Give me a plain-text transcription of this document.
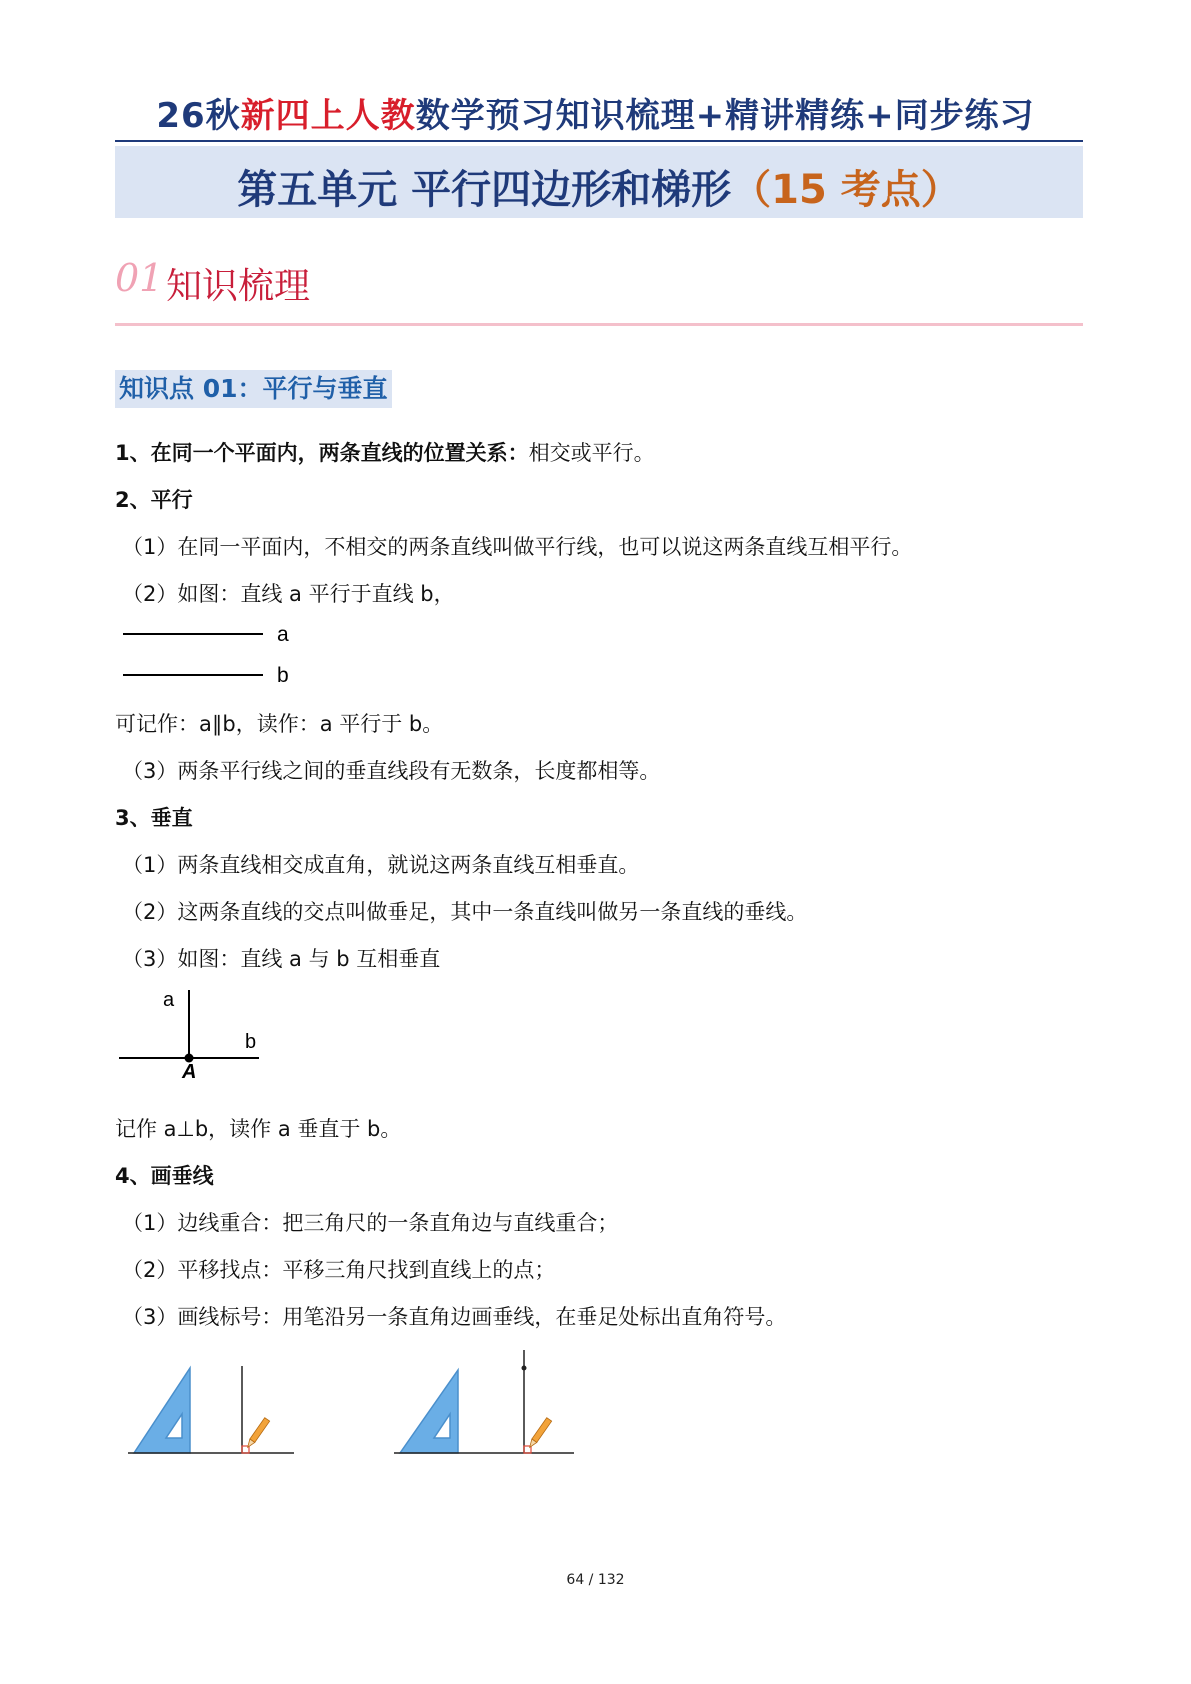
26秋新四上人教数学预习知识梳理+精讲精练+同步练习
第五单元 平行四边形和梯形（15 考点）
01 知识梳理
知识点 01：平行与垂直
1、在同一个平面内，两条直线的位置关系：相交或平行。
2、平行
（1）在同一平面内，不相交的两条直线叫做平行线，也可以说这两条直线互相平行。
（2）如图：直线 a 平行于直线 b，
a
b
可记作：a∥b，读作：a 平行于 b。
（3）两条平行线之间的垂直线段有无数条，长度都相等。
3、垂直
（1）两条直线相交成直角，就说这两条直线互相垂直。
（2）这两条直线的交点叫做垂足，其中一条直线叫做另一条直线的垂线。
（3）如图：直线 a 与 b 互相垂直
a
b
A
记作 a⊥b，读作 a 垂直于 b。
4、画垂线
（1）边线重合：把三角尺的一条直角边与直线重合；
（2）平移找点：平移三角尺找到直线上的点；
（3）画线标号：用笔沿另一条直角边画垂线，在垂足处标出直角符号。
64 / 132
